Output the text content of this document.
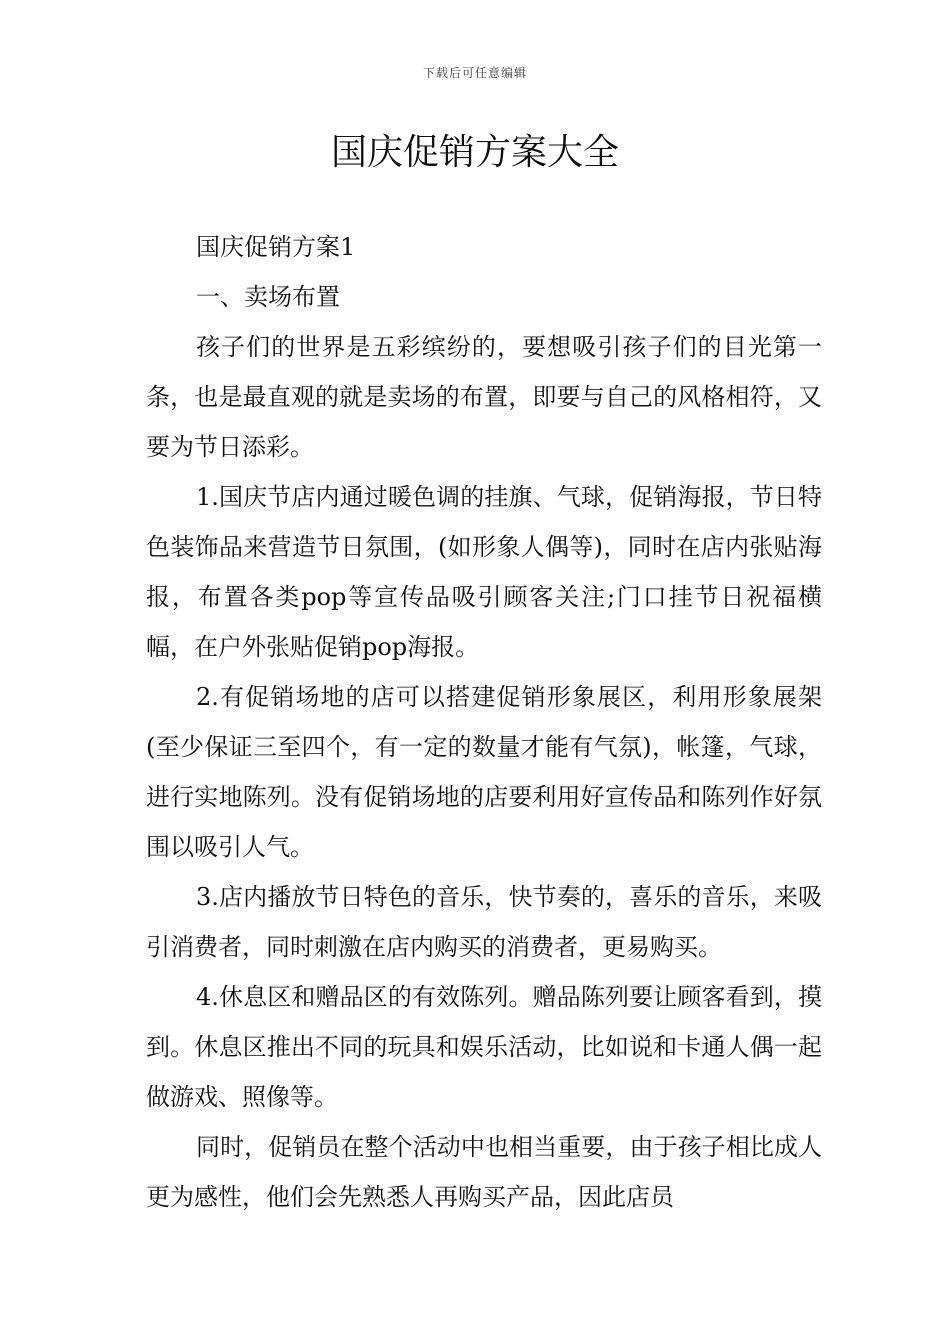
下载后可任意编辑
国庆促销方案大全

国庆促销方案1

一、卖场布置

孩子们的世界是五彩缤纷的，要想吸引孩子们的目光第一条，也是最直观的就是卖场的布置，即要与自己的风格相符，又要为节日添彩。

1.国庆节店内通过暖色调的挂旗、气球，促销海报，节日特色装饰品来营造节日氛围，(如形象人偶等)，同时在店内张贴海报，布置各类pop等宣传品吸引顾客关注;门口挂节日祝福横幅，在户外张贴促销pop海报。

2.有促销场地的店可以搭建促销形象展区，利用形象展架(至少保证三至四个，有一定的数量才能有气氛)，帐篷，气球，进行实地陈列。没有促销场地的店要利用好宣传品和陈列作好氛围以吸引人气。

3.店内播放节日特色的音乐，快节奏的，喜乐的音乐，来吸引消费者，同时刺激在店内购买的消费者，更易购买。

4.休息区和赠品区的有效陈列。赠品陈列要让顾客看到，摸到。休息区推出不同的玩具和娱乐活动，比如说和卡通人偶一起做游戏、照像等。

同时，促销员在整个活动中也相当重要，由于孩子相比成人更为感性，他们会先熟悉人再购买产品，因此店员
